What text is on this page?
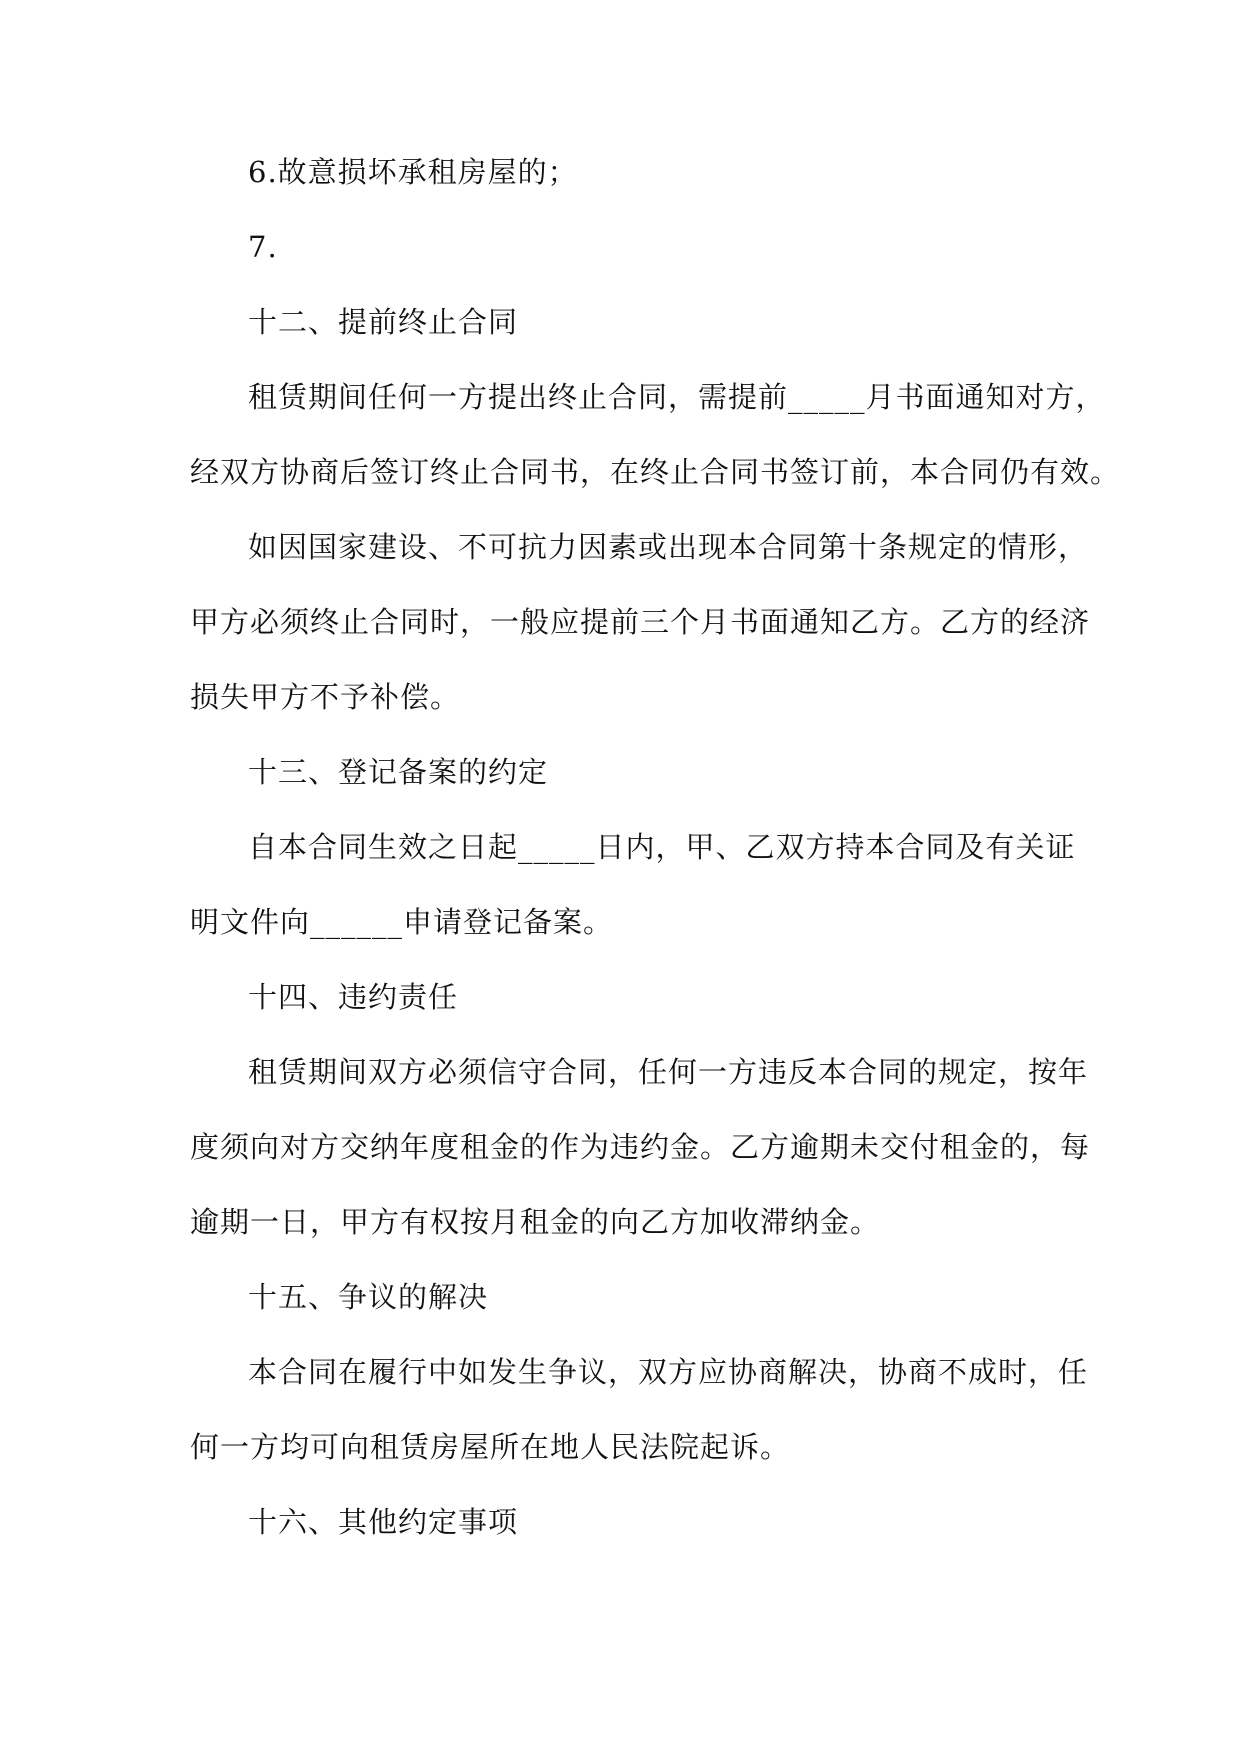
6.故意损坏承租房屋的；
7.
十二、提前终止合同
租赁期间任何一方提出终止合同，需提前_____月书面通知对方，
经双方协商后签订终止合同书，在终止合同书签订前，本合同仍有效。
如因国家建设、不可抗力因素或出现本合同第十条规定的情形，
甲方必须终止合同时，一般应提前三个月书面通知乙方。乙方的经济
损失甲方不予补偿。
十三、登记备案的约定
自本合同生效之日起_____日内，甲、乙双方持本合同及有关证
明文件向______申请登记备案。
十四、违约责任
租赁期间双方必须信守合同，任何一方违反本合同的规定，按年
度须向对方交纳年度租金的作为违约金。乙方逾期未交付租金的，每
逾期一日，甲方有权按月租金的向乙方加收滞纳金。
十五、争议的解决
本合同在履行中如发生争议，双方应协商解决，协商不成时，任
何一方均可向租赁房屋所在地人民法院起诉。
十六、其他约定事项
